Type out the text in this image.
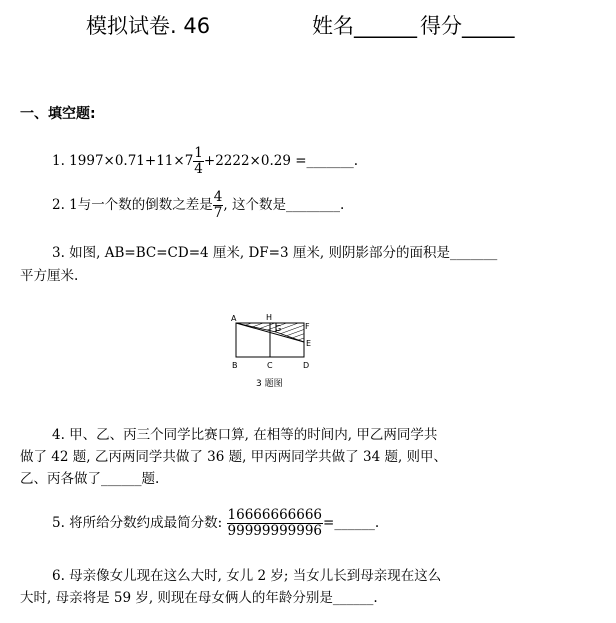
模拟试卷. 46	姓名______ 得分_____
一、填空题:
1. $1997\times 0.71+11\times 7 \frac{1}{4} +2222\times 0.29$ =_______.
2. 1与一个数的倒数之差是 $\frac{4}{7}$ , 这个数是________.
3. 如图, AB=BC=CD=4 厘米, DF=3 厘米, 则阴影部分的面积是_______
平方厘米.
A	H
G	F
E
B	C	D
3 题图
4. 甲、乙、丙三个同学比赛口算, 在相等的时间内, 甲乙两同学共
做了 42 题, 乙丙两同学共做了 36 题, 甲丙两同学共做了 34 题, 则甲、
乙、丙各做了______题.
5. 将所给分数约成最简分数: $\frac{16666666666}{99999999996}$ =______.
6. 母亲像女儿现在这么大时, 女儿 2 岁; 当女儿长到母亲现在这么
大时, 母亲将是 59 岁, 则现在母女俩人的年龄分别是______.
